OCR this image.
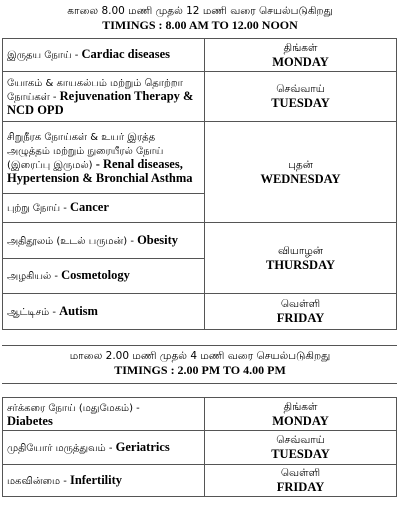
காலை 8.00 மணி முதல் 12 மணி வரை செயல்படுகிறது
TIMINGS : 8.00 AM TO 12.00 NOON
இருதய நோய் - Cardiac diseases	திங்கள்
MONDAY

யோகம் & காயகல்பம் மற்றும் தொற்றா நோய்கள் - Rejuvenation Therapy & NCD OPD	செவ்வாய்
TUESDAY

சிறுநீரக நோய்கள் & உயர் இரத்த அழுத்தம் மற்றும் நுரையீரல் நோய் (இரைப்பு இருமல்) - Renal diseases, Hypertension & Bronchial Asthma	புதன்
WEDNESDAY

புற்று நோய் - Cancer	
அதிதூலம் (உடல் பருமன்) - Obesity	வியாழன்
THURSDAY

அழகியல் - Cosmetology	
ஆட்டிசம் - Autism	வெள்ளி
FRIDAY
மாலை 2.00 மணி முதல் 4 மணி வரை செயல்படுகிறது
TIMINGS : 2.00 PM TO 4.00 PM
சர்க்கரை நோய் (மதுமேகம்) -
Diabetes	திங்கள்
MONDAY

முதியோர் மருத்துவம் - Geriatrics	செவ்வாய்
TUESDAY

மகவின்மை - Infertility	வெள்ளி
FRIDAY
